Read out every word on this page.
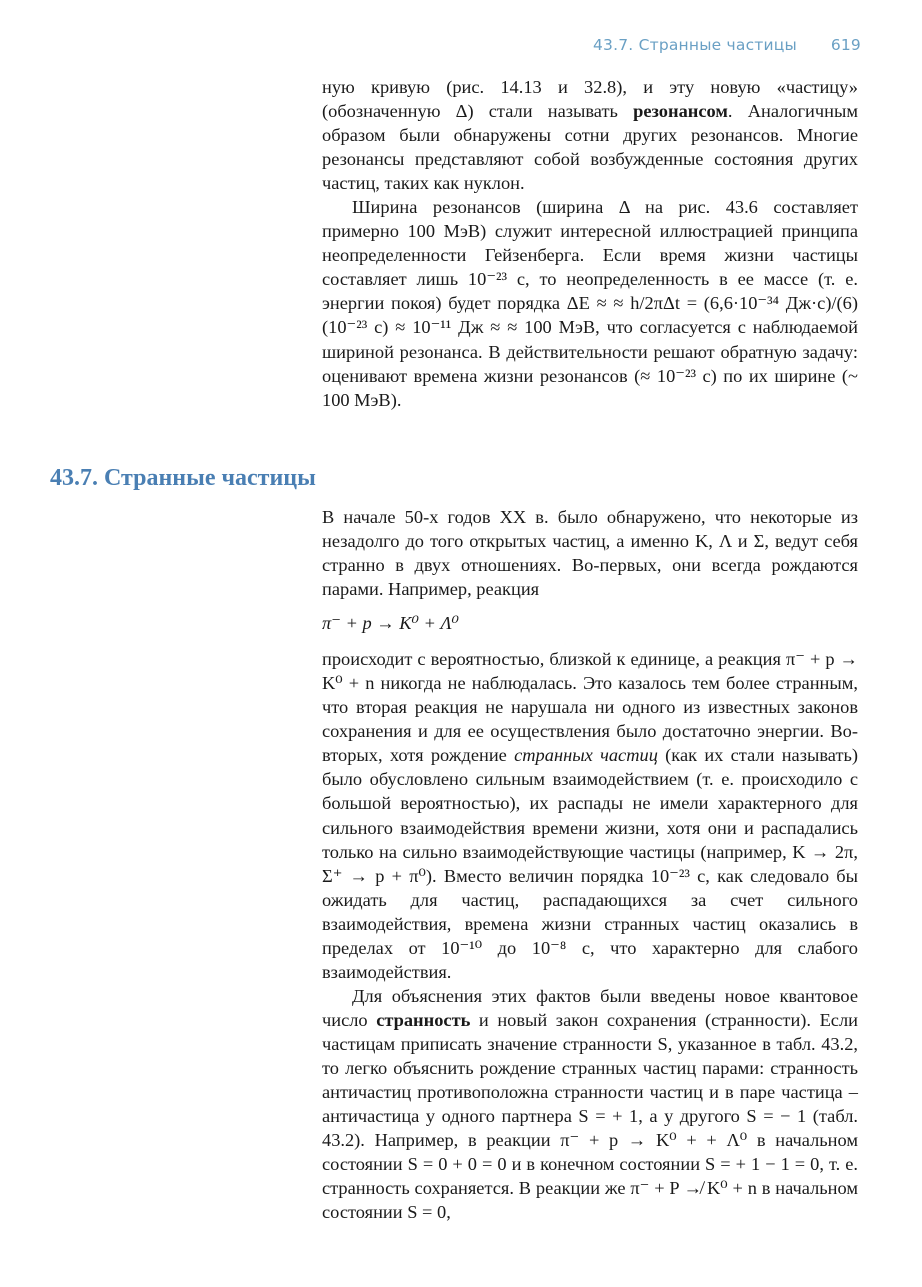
43.7. Странные частицы 619

ную кривую (рис. 14.13 и 32.8), и эту новую «частицу» (обозначенную Δ) стали называть резонансом. Аналогичным образом были обнаружены сотни других резонансов. Многие резонансы представляют собой возбужденные состояния других частиц, таких как нуклон.

Ширина резонансов (ширина Δ на рис. 43.6 составляет примерно 100 МэВ) служит интересной иллюстрацией принципа неопределенности Гейзенберга. Если время жизни частицы составляет лишь 10⁻²³ с, то неопределенность в ее массе (т. е. энергии покоя) будет порядка ΔE ≈ ≈ h/2πΔt = (6,6·10⁻³⁴ Дж·с)/(6)(10⁻²³ с) ≈ 10⁻¹¹ Дж ≈ ≈ 100 МэВ, что согласуется с наблюдаемой шириной резонанса. В действительности решают обратную задачу: оценивают времена жизни резонансов (≈ 10⁻²³ с) по их ширине (~ 100 МэВ).

43.7. Странные частицы

В начале 50-х годов XX в. было обнаружено, что некоторые из незадолго до того открытых частиц, а именно K, Λ и Σ, ведут себя странно в двух отношениях. Во-первых, они всегда рождаются парами. Например, реакция

π⁻ + p → K⁰ + Λ⁰

происходит с вероятностью, близкой к единице, а реакция π⁻ + p → K⁰ + n никогда не наблюдалась. Это казалось тем более странным, что вторая реакция не нарушала ни одного из известных законов сохранения и для ее осуществления было достаточно энергии. Во-вторых, хотя рождение странных частиц (как их стали называть) было обусловлено сильным взаимодействием (т. е. происходило с большой вероятностью), их распады не имели характерного для сильного взаимодействия времени жизни, хотя они и распадались только на сильно взаимодействующие частицы (например, K → 2π, Σ⁺ → p + π⁰). Вместо величин порядка 10⁻²³ с, как следовало бы ожидать для частиц, распадающихся за счет сильного взаимодействия, времена жизни странных частиц оказались в пределах от 10⁻¹⁰ до 10⁻⁸ с, что характерно для слабого взаимодействия.

Для объяснения этих фактов были введены новое квантовое число странность и новый закон сохранения (странности). Если частицам приписать значение странности S, указанное в табл. 43.2, то легко объяснить рождение странных частиц парами: странность античастиц противоположна странности частиц и в паре частица – античастица у одного партнера S = + 1, а у другого S = − 1 (табл. 43.2). Например, в реакции π⁻ + p → K⁰ + + Λ⁰ в начальном состоянии S = 0 + 0 = 0 и в конечном состоянии S = + 1 − 1 = 0, т. е. странность сохраняется. В реакции же π⁻ + P ↛ K⁰ + n в начальном состоянии S = 0,
